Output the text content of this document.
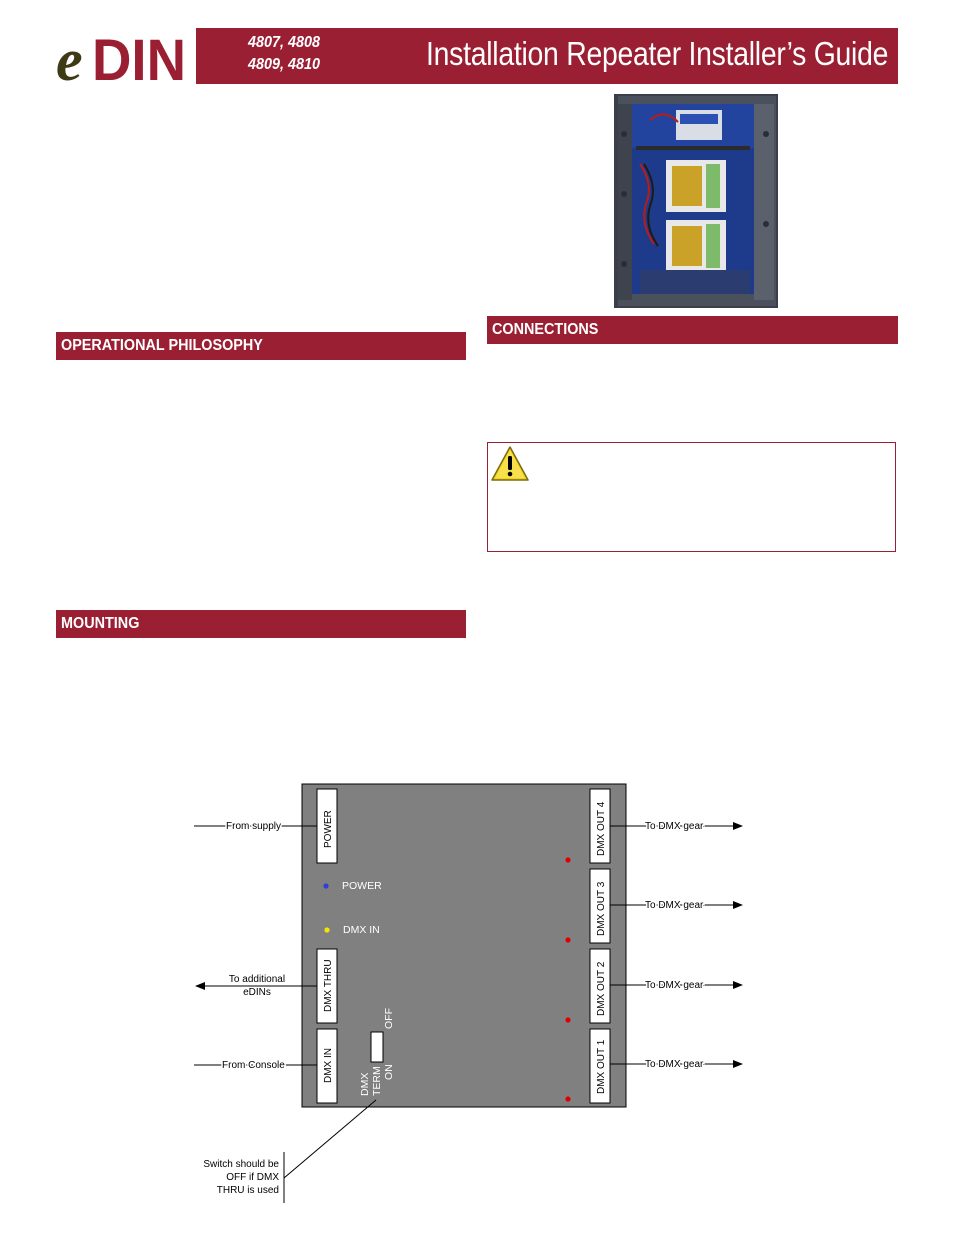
e DIN	4807, 4808
4809, 4810	Installation Repeater Installer’s Guide
OPERATIONAL PHILOSOPHY
CONNECTIONS
MOUNTING
POWER
DMX THRU
DMX IN
DMX OUT 4
DMX OUT 3
DMX OUT 2
DMX OUT 1
POWER
DMX IN
OFF
ON
DMX TERM
From supply
To additional
eDINs
From Console
To DMX gear
To DMX gear
To DMX gear
To DMX gear
Switch should be
OFF if DMX
THRU is used
